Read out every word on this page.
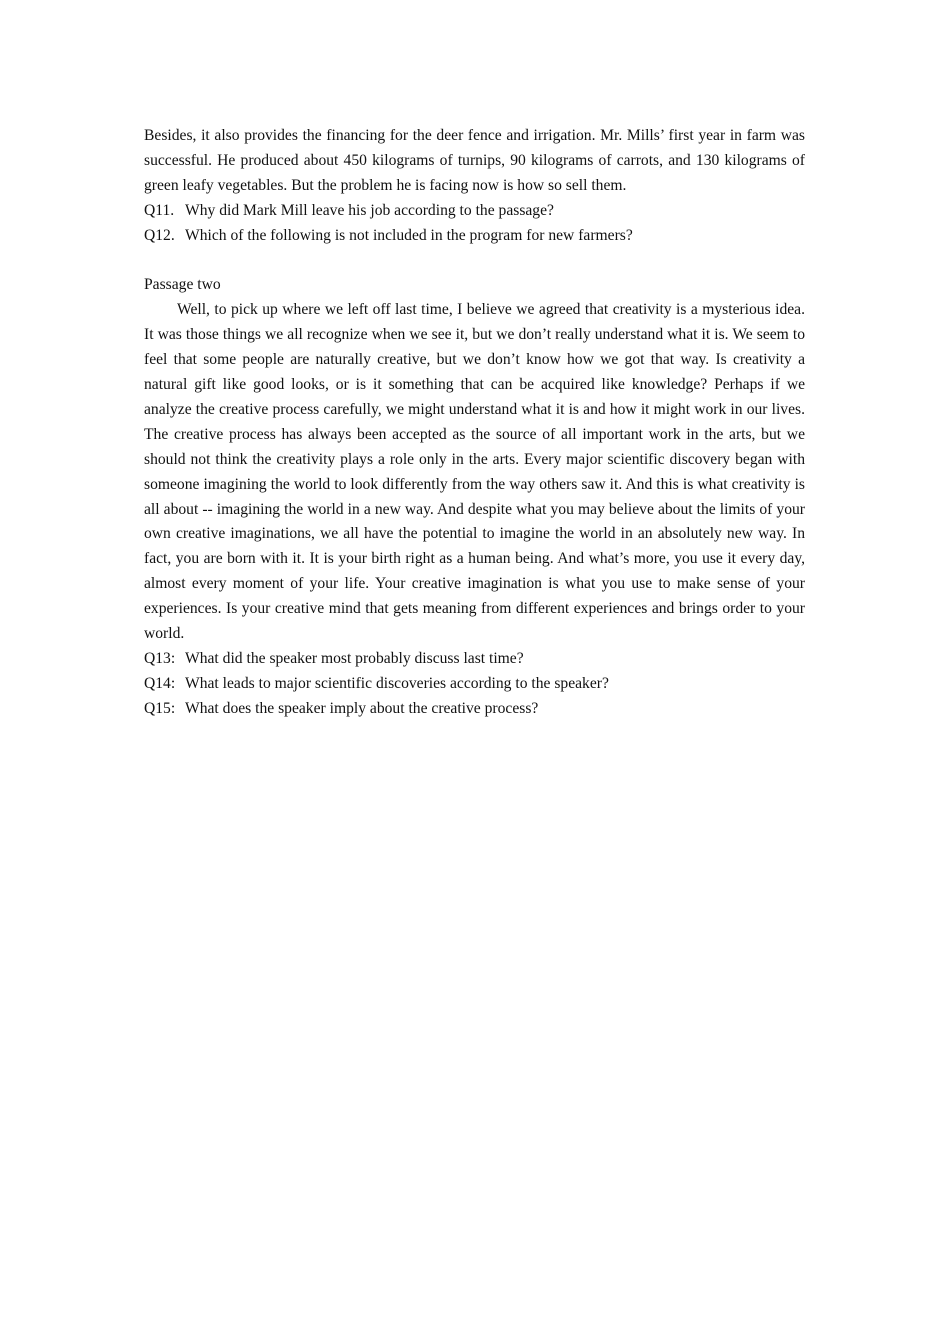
Besides, it also provides the financing for the deer fence and irrigation. Mr. Mills’ first year in farm was successful. He produced about 450 kilograms of turnips, 90 kilograms of carrots, and 130 kilograms of green leafy vegetables. But the problem he is facing now is how so sell them.

Q11. Why did Mark Mill leave his job according to the passage?

Q12. Which of the following is not included in the program for new farmers?

Passage two

Well, to pick up where we left off last time, I believe we agreed that creativity is a mysterious idea. It was those things we all recognize when we see it, but we don’t really understand what it is. We seem to feel that some people are naturally creative, but we don’t know how we got that way. Is creativity a natural gift like good looks, or is it something that can be acquired like knowledge? Perhaps if we analyze the creative process carefully, we might understand what it is and how it might work in our lives. The creative process has always been accepted as the source of all important work in the arts, but we should not think the creativity plays a role only in the arts. Every major scientific discovery began with someone imagining the world to look differently from the way others saw it. And this is what creativity is all about -- imagining the world in a new way. And despite what you may believe about the limits of your own creative imaginations, we all have the potential to imagine the world in an absolutely new way. In fact, you are born with it. It is your birth right as a human being. And what’s more, you use it every day, almost every moment of your life. Your creative imagination is what you use to make sense of your experiences. Is your creative mind that gets meaning from different experiences and brings order to your world.

Q13: What did the speaker most probably discuss last time?

Q14: What leads to major scientific discoveries according to the speaker?

Q15: What does the speaker imply about the creative process?
